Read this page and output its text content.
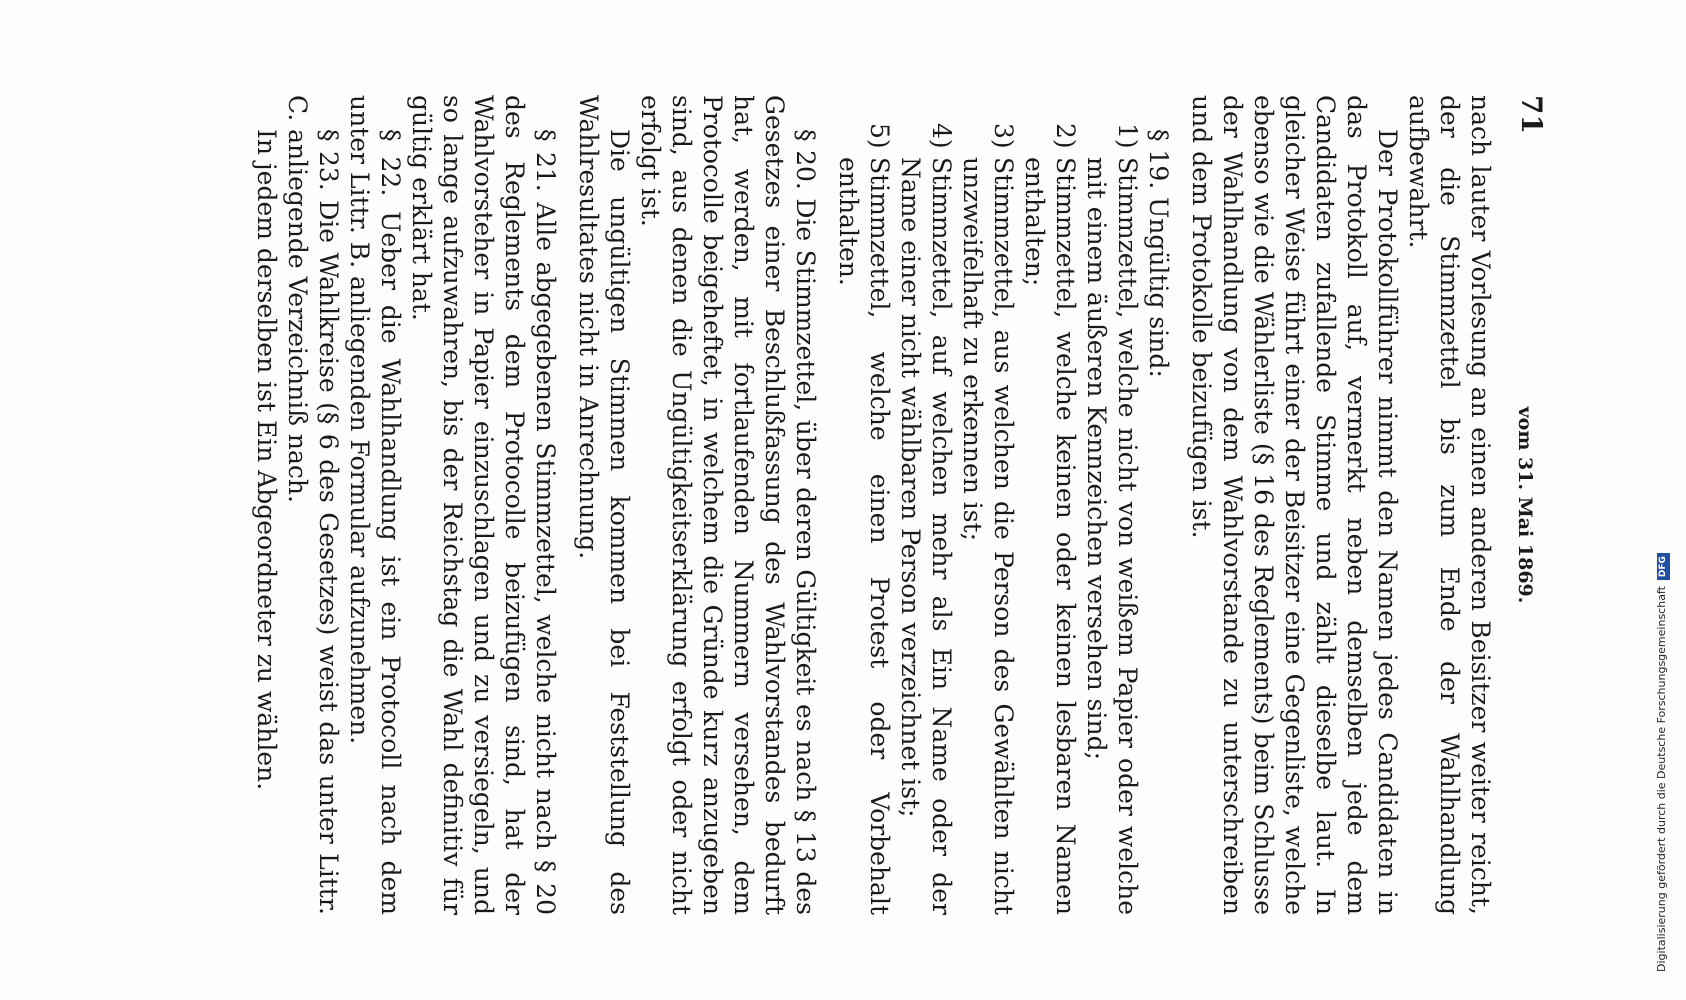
vom 31. Mai 1869.
71

nach lauter Vorlesung an einen anderen Beisitzer weiter reicht, der die Stimmzettel bis zum Ende der Wahlhandlung aufbewahrt.

Der Protokollführer nimmt den Namen jedes Candidaten in das Protokoll auf, vermerkt neben demselben jede dem Candidaten zufallende Stimme und zählt dieselbe laut. In gleicher Weise führt einer der Beisitzer eine Gegenliste, welche ebenso wie die Wählerliste (§ 16 des Reglements) beim Schlusse der Wahlhandlung von dem Wahlvorstande zu unterschreiben und dem Protokolle beizufügen ist.

§ 19. Ungültig sind:

1)Stimmzettel, welche nicht von weißem Papier oder welche mit einem äußeren Kennzeichen versehen sind;

2)Stimmzettel, welche keinen oder keinen lesbaren Namen enthalten;

3)Stimmzettel, aus welchen die Person des Gewählten nicht unzweifelhaft zu erkennen ist;

4)Stimmzettel, auf welchen mehr als Ein Name oder der Name einer nicht wählbaren Person verzeichnet ist;

5)Stimmzettel, welche einen Protest oder Vorbehalt enthalten.

§ 20. Die Stimmzettel, über deren Gültigkeit es nach § 13 des Gesetzes einer Beschlußfassung des Wahlvorstandes bedurft hat, werden, mit fortlaufenden Nummern versehen, dem Protocolle beigeheftet, in welchem die Gründe kurz anzugeben sind, aus denen die Ungültigkeitserklärung erfolgt oder nicht erfolgt ist.

Die ungültigen Stimmen kommen bei Feststellung des Wahlresultates nicht in Anrechnung.

§ 21. Alle abgegebenen Stimmzettel, welche nicht nach § 20 des Reglements dem Protocolle beizufügen sind, hat der Wahlvorsteher in Papier einzuschlagen und zu versiegeln, und so lange aufzuwahren, bis der Reichstag die Wahl definitiv für gültig erklärt hat.

§ 22. Ueber die Wahlhandlung ist ein Protocoll nach dem unter Littr. B. anliegenden Formular aufzunehmen.

§ 23. Die Wahlkreise (§ 6 des Gesetzes) weist das unter Littr. C. anliegende Verzeichniß nach.

In jedem derselben ist Ein Abgeordneter zu wählen.	Digitalisierung gefördert durch die Deutsche ForschungsgemeinschaftDFG
